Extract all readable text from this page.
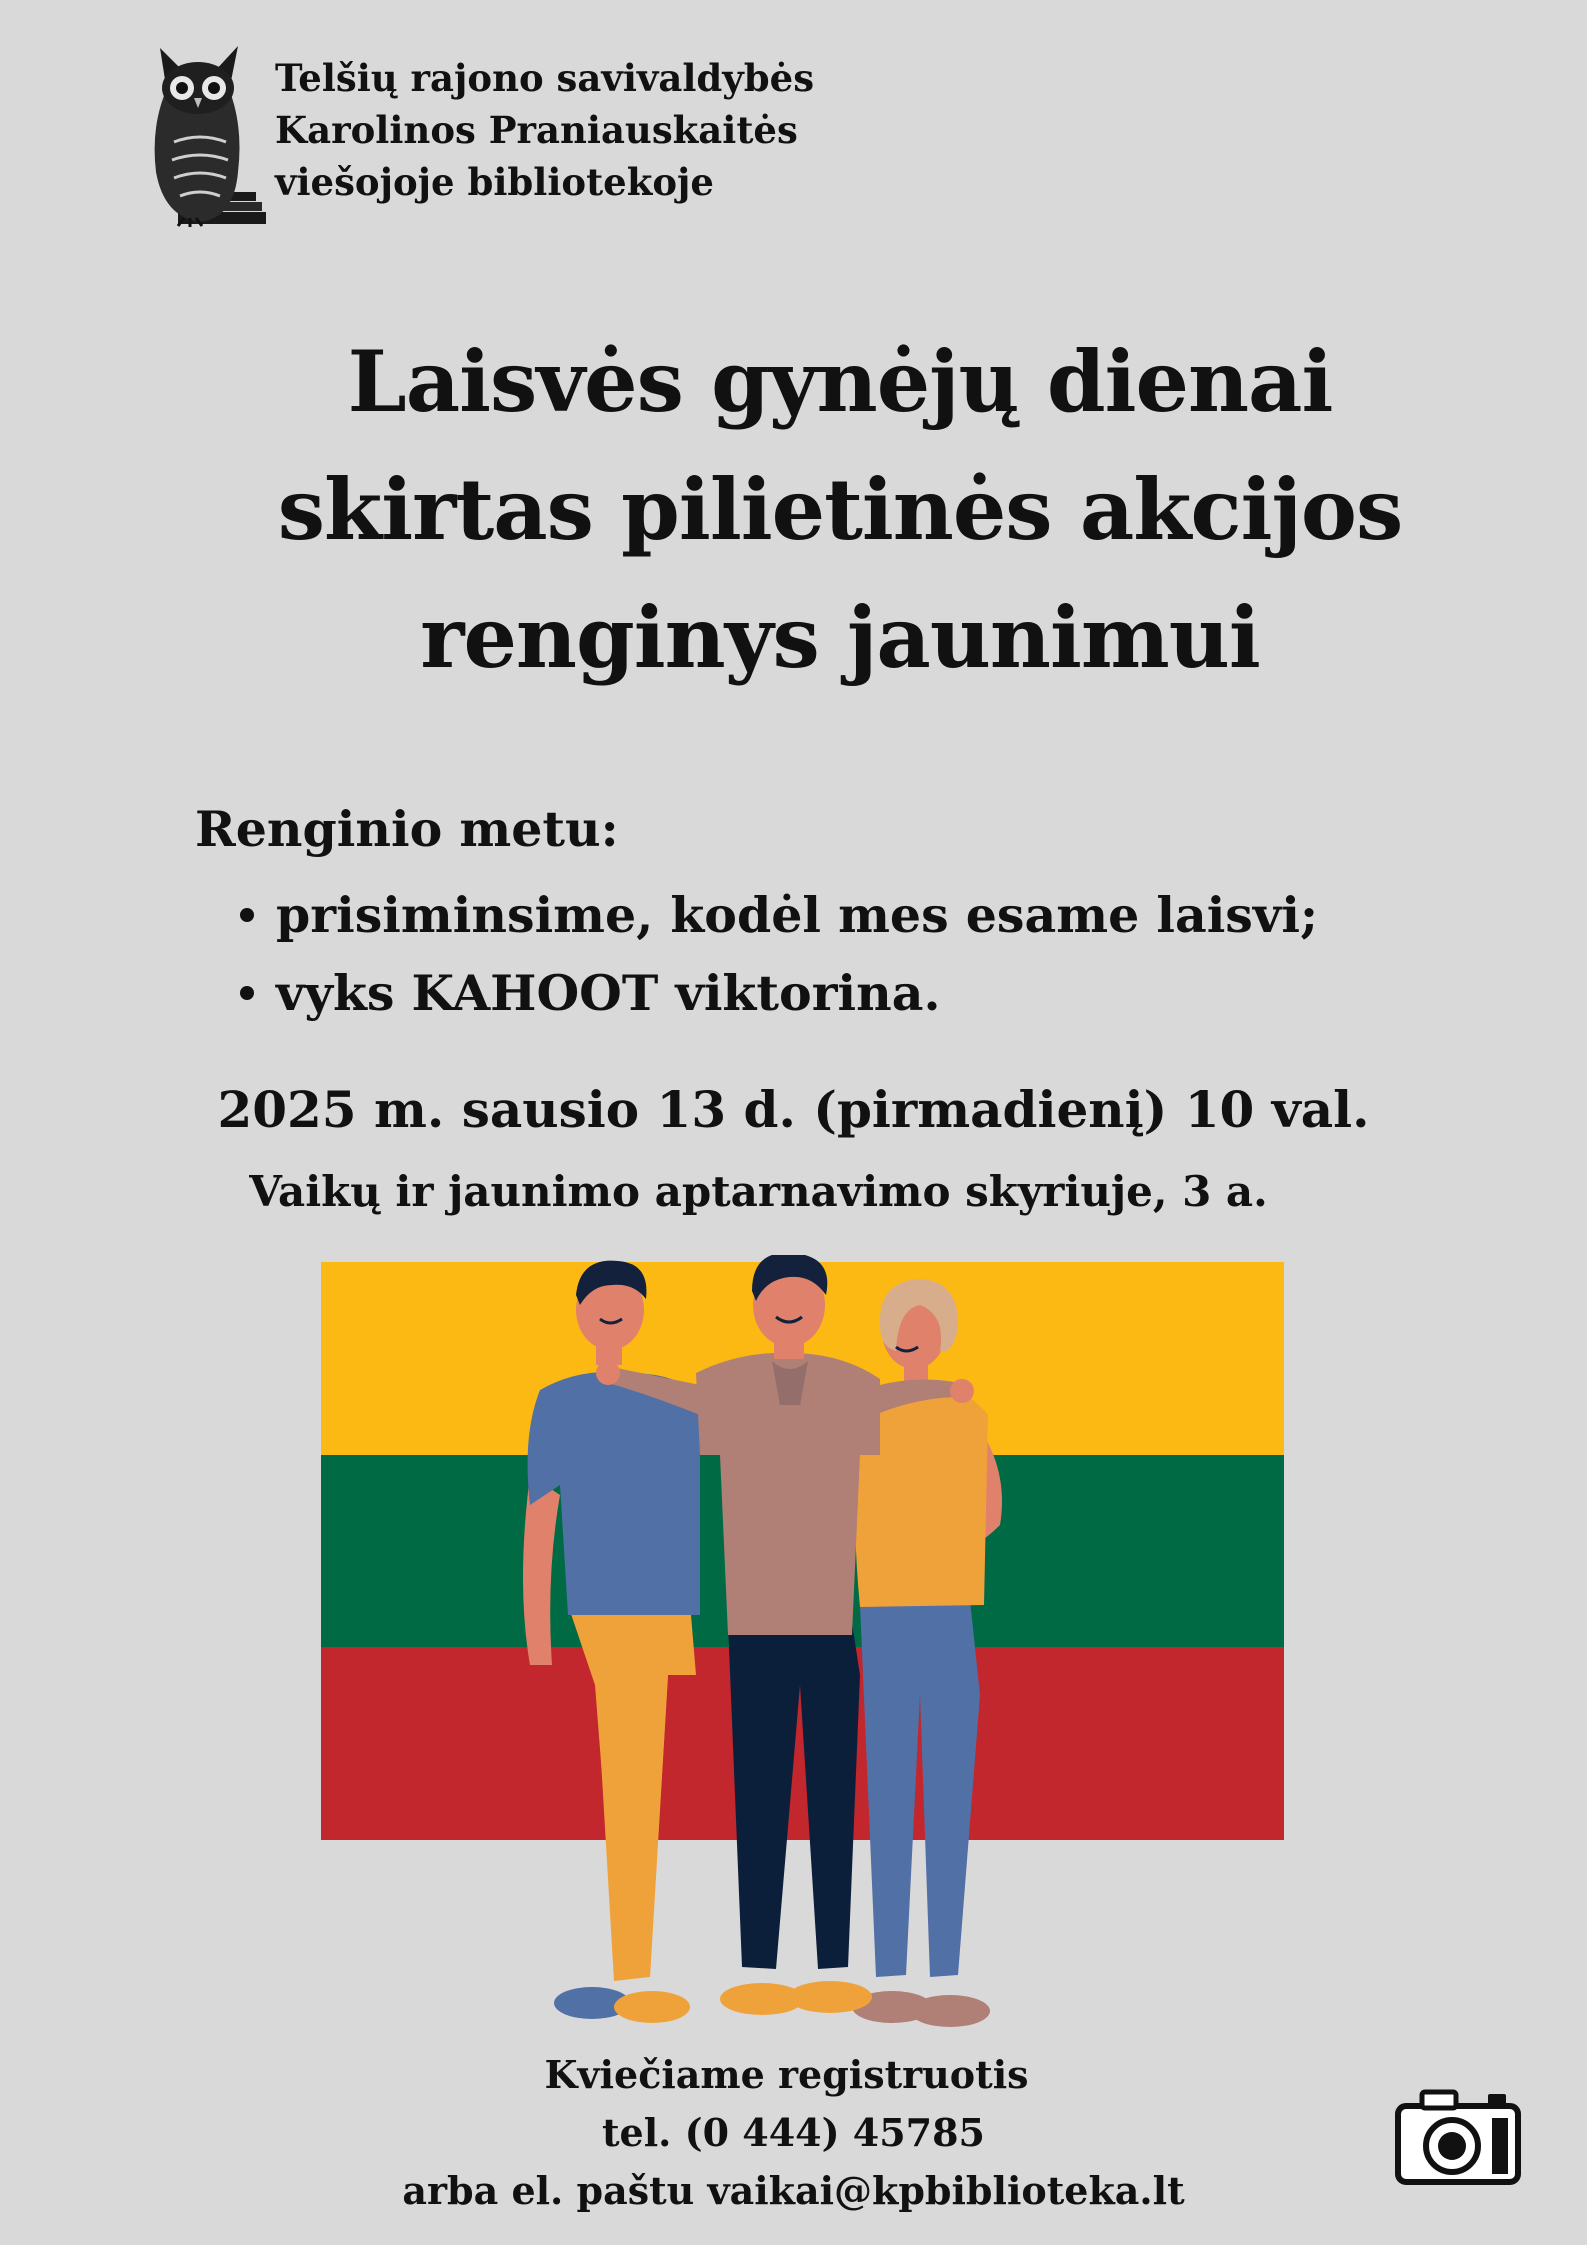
Telšių rajono savivaldybės
Karolinos Praniauskaitės
viešojoje bibliotekoje
Laisvės gynėjų dienai
skirtas pilietinės akcijos
renginys jaunimui
Renginio metu:
prisiminsime, kodėl mes esame laisvi;
vyks KAHOOT viktorina.
2025 m. sausio 13 d. (pirmadienį) 10 val.
Vaikų ir jaunimo aptarnavimo skyriuje, 3 a.
Kviečiame registruotis
tel. (0 444) 45785
arba el. paštu vaikai@kpbiblioteka.lt
